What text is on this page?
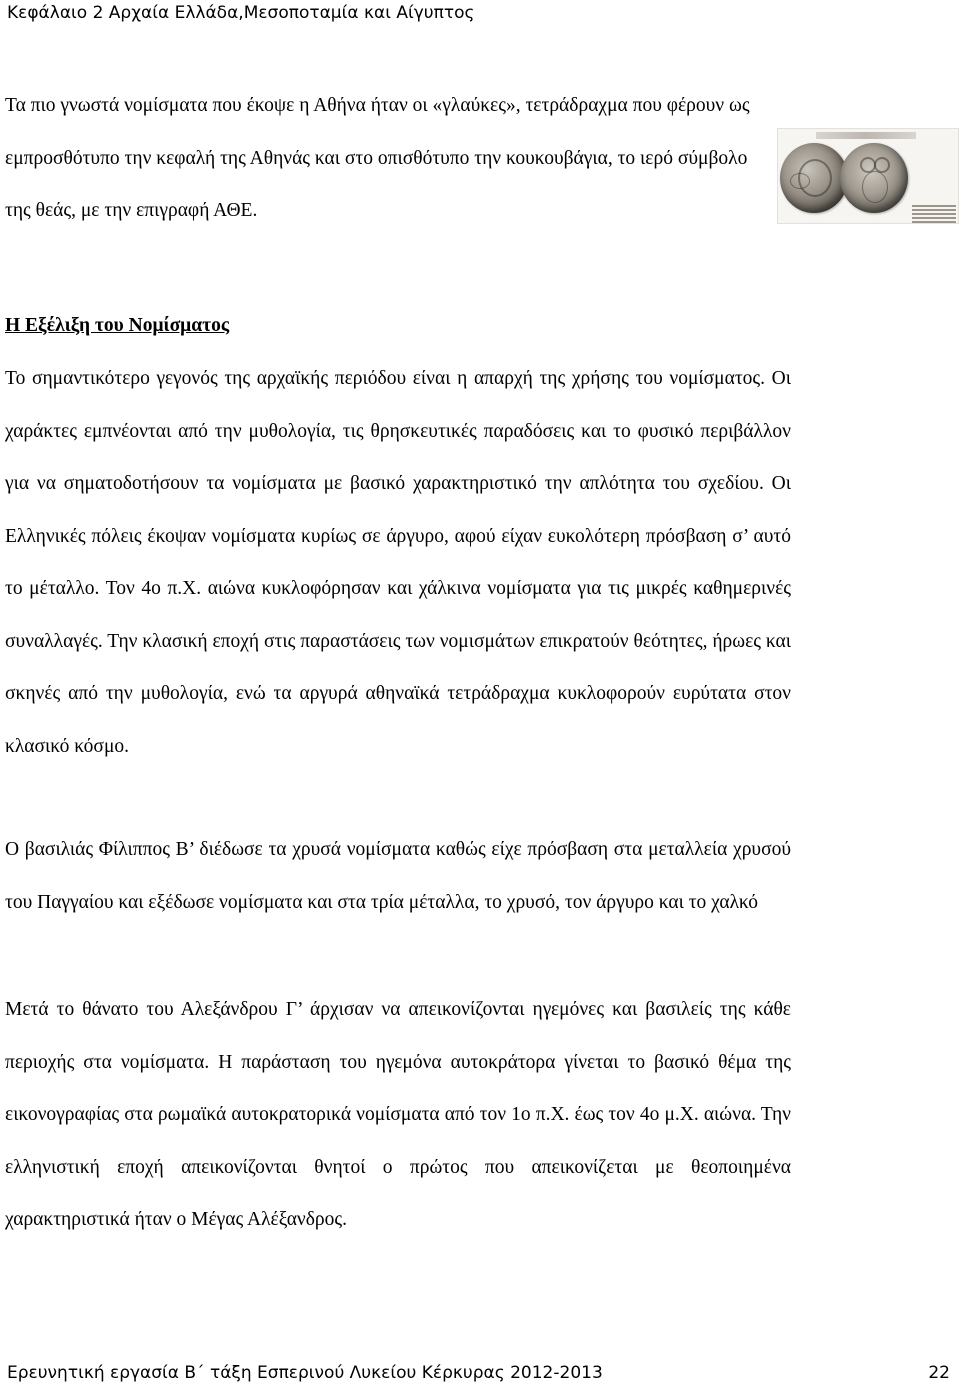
Κεφάλαιο 2 Αρχαία Ελλάδα,Μεσοποταμία και Αίγυπτος

Τα πιο γνωστά νομίσματα που έκοψε η Αθήνα ήταν οι «γλαύκες», τετράδραχμα που φέρουν ως εμπροσθότυπο την κεφαλή της Αθηνάς και στο οπισθότυπο την κουκουβάγια, το ιερό σύμβολο της θεάς, με την επιγραφή ΑΘΕ.

Η Εξέλιξη του Νομίσματος

Το σημαντικότερο γεγονός της αρχαϊκής περιόδου είναι η απαρχή της χρήσης του νομίσματος. Οι χαράκτες εμπνέονται από την μυθολογία, τις θρησκευτικές παραδόσεις και το φυσικό περιβάλλον για να σηματοδοτήσουν τα νομίσματα με βασικό χαρακτηριστικό την απλότητα του σχεδίου. Οι Ελληνικές πόλεις έκοψαν νομίσματα κυρίως σε άργυρο, αφού είχαν ευκολότερη πρόσβαση σ’ αυτό το μέταλλο. Τον 4ο π.Χ. αιώνα κυκλοφόρησαν και χάλκινα νομίσματα για τις μικρές καθημερινές συναλλαγές. Την κλασική εποχή στις παραστάσεις των νομισμάτων επικρατούν θεότητες, ήρωες και σκηνές από την μυθολογία, ενώ τα αργυρά αθηναϊκά τετράδραχμα κυκλοφορούν ευρύτατα στον κλασικό κόσμο.

Ο βασιλιάς Φίλιππος Β’ διέδωσε τα χρυσά νομίσματα καθώς είχε πρόσβαση στα μεταλλεία χρυσού του Παγγαίου και εξέδωσε νομίσματα και στα τρία μέταλλα, το χρυσό, τον άργυρο και το χαλκό

Μετά το θάνατο του Αλεξάνδρου Γ’ άρχισαν να απεικονίζονται ηγεμόνες και βασιλείς της κάθε περιοχής στα νομίσματα. Η παράσταση του ηγεμόνα αυτοκράτορα γίνεται το βασικό θέμα της εικονογραφίας στα ρωμαϊκά αυτοκρατορικά νομίσματα από τον 1ο π.Χ. έως τον 4ο μ.Χ. αιώνα. Την ελληνιστική εποχή απεικονίζονται θνητοί ο πρώτος που απεικονίζεται με θεοποιημένα χαρακτηριστικά ήταν ο Μέγας Αλέξανδρος.

Ερευνητική εργασία Β΄ τάξη Εσπερινού Λυκείου Κέρκυρας 2012-2013	22
